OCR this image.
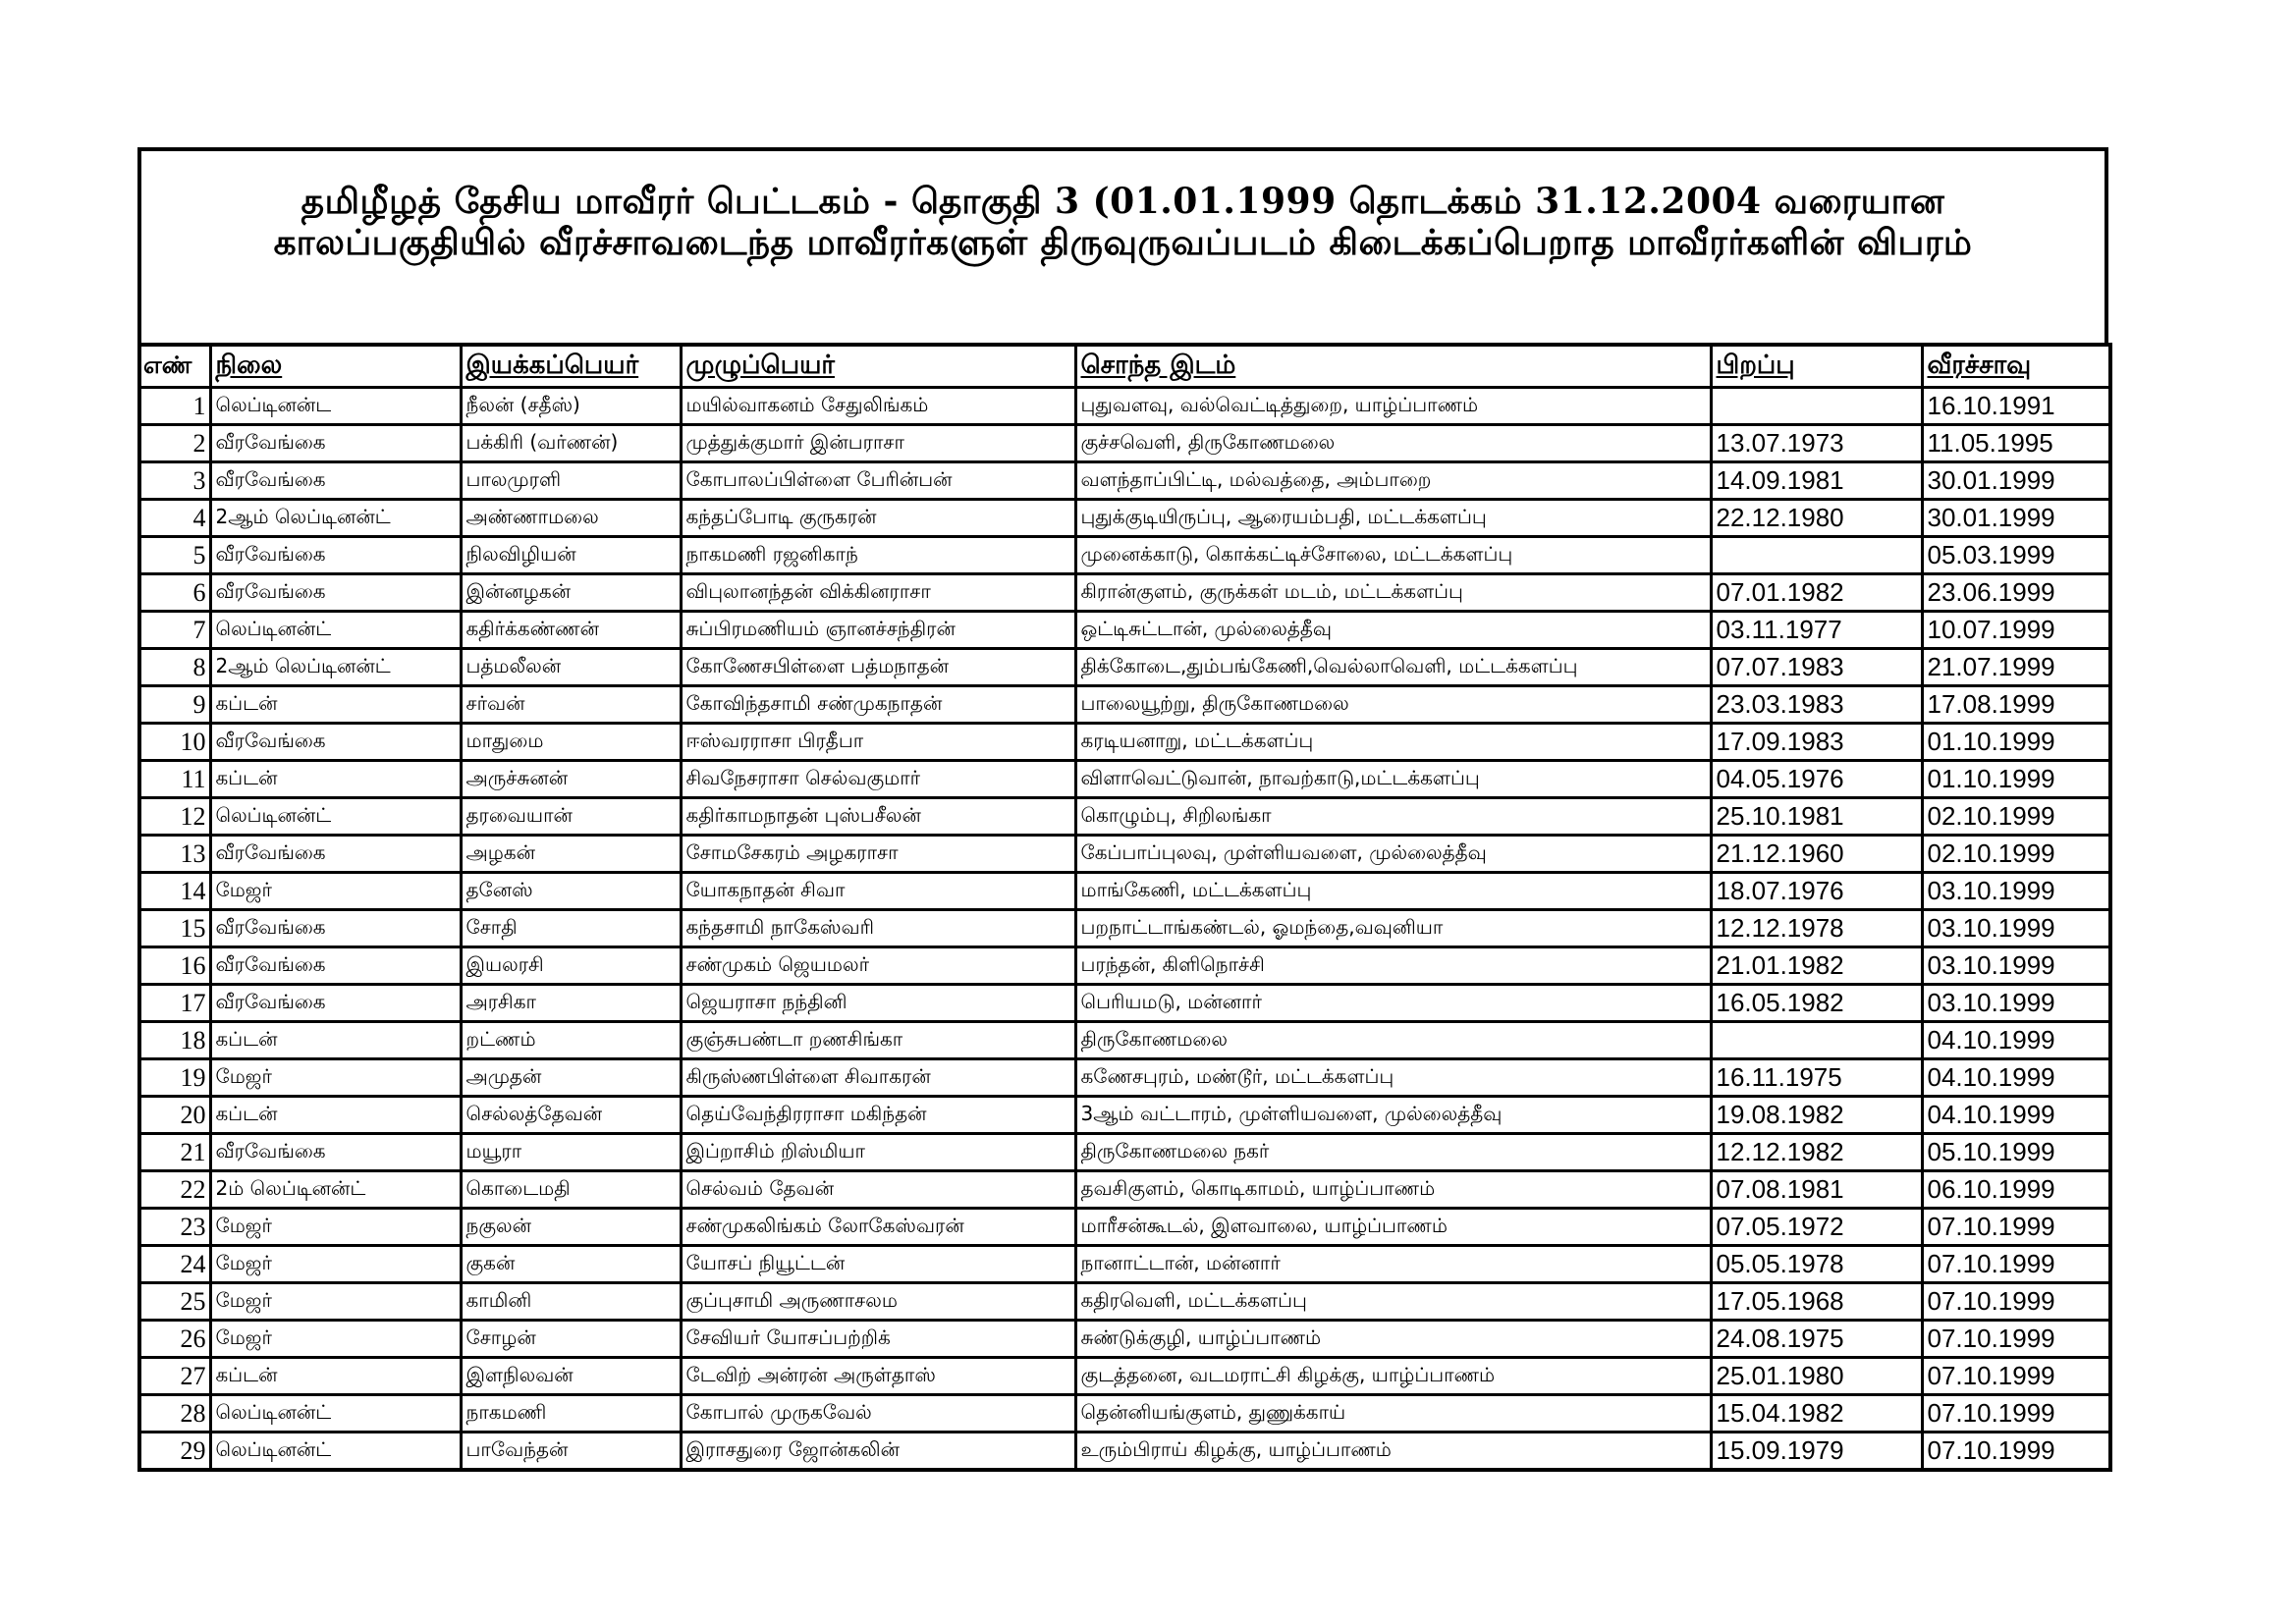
தமிழீழத் தேசிய மாவீரர் பெட்டகம் - தொகுதி 3 (01.01.1999 தொடக்கம் 31.12.2004 வரையான காலப்பகுதியில் வீரச்சாவடைந்த மாவீரர்களுள் திருவுருவப்படம் கிடைக்கப்பெறாத மாவீரர்களின் விபரம்
எண்	நிலை	இயக்கப்பெயர்	முழுப்பெயர்	சொந்த இடம்	பிறப்பு	வீரச்சாவு
1	லெப்டினன்ட	நீலன் (சதீஸ்)	மயில்வாகனம் சேதுலிங்கம்	புதுவளவு, வல்வெட்டித்துறை, யாழ்ப்பாணம்		16.10.1991
2	வீரவேங்கை	பக்கிரி (வர்ணன்)	முத்துக்குமார் இன்பராசா	குச்சவெளி, திருகோணமலை	13.07.1973	11.05.1995
3	வீரவேங்கை	பாலமுரளி	கோபாலப்பிள்ளை பேரின்பன்	வளந்தாப்பிட்டி, மல்வத்தை, அம்பாறை	14.09.1981	30.01.1999
4	2ஆம் லெப்டினன்ட்	அண்ணாமலை	கந்தப்போடி குருகரன்	புதுக்குடியிருப்பு, ஆரையம்பதி, மட்டக்களப்பு	22.12.1980	30.01.1999
5	வீரவேங்கை	நிலவிழியன்	நாகமணி ரஜனிகாந்	முனைக்காடு, கொக்கட்டிச்சோலை, மட்டக்களப்பு		05.03.1999
6	வீரவேங்கை	இன்னழகன்	விபுலானந்தன் விக்கினராசா	கிரான்குளம், குருக்கள் மடம், மட்டக்களப்பு	07.01.1982	23.06.1999
7	லெப்டினன்ட்	கதிர்க்கண்ணன்	சுப்பிரமணியம் ஞானச்சந்திரன்	ஒட்டிசுட்டான், முல்லைத்தீவு	03.11.1977	10.07.1999
8	2ஆம் லெப்டினன்ட்	பத்மலீலன்	கோணேசபிள்ளை பத்மநாதன்	திக்கோடை,தும்பங்கேணி,வெல்லாவெளி, மட்டக்களப்பு	07.07.1983	21.07.1999
9	கப்டன்	சர்வன்	கோவிந்தசாமி சண்முகநாதன்	பாலையூற்று, திருகோணமலை	23.03.1983	17.08.1999
10	வீரவேங்கை	மாதுமை	ஈஸ்வரராசா பிரதீபா	கரடியனாறு, மட்டக்களப்பு	17.09.1983	01.10.1999
11	கப்டன்	அருச்சுனன்	சிவநேசராசா செல்வகுமார்	விளாவெட்டுவான், நாவற்காடு,மட்டக்களப்பு	04.05.1976	01.10.1999
12	லெப்டினன்ட்	தரவையான்	கதிர்காமநாதன் புஸ்பசீலன்	கொழும்பு, சிறிலங்கா	25.10.1981	02.10.1999
13	வீரவேங்கை	அழகன்	சோமசேகரம் அழகராசா	கேப்பாப்புலவு, முள்ளியவளை, முல்லைத்தீவு	21.12.1960	02.10.1999
14	மேஜர்	தனேஸ்	யோகநாதன் சிவா	மாங்கேணி, மட்டக்களப்பு	18.07.1976	03.10.1999
15	வீரவேங்கை	சோதி	கந்தசாமி நாகேஸ்வரி	பறநாட்டாங்கண்டல், ஓமந்தை,வவுனியா	12.12.1978	03.10.1999
16	வீரவேங்கை	இயலரசி	சண்முகம் ஜெயமலர்	பரந்தன், கிளிநொச்சி	21.01.1982	03.10.1999
17	வீரவேங்கை	அரசிகா	ஜெயராசா நந்தினி	பெரியமடு, மன்னார்	16.05.1982	03.10.1999
18	கப்டன்	றட்ணம்	குஞ்சுபண்டா றணசிங்கா	திருகோணமலை		04.10.1999
19	மேஜர்	அமுதன்	கிருஸ்ணபிள்ளை சிவாகரன்	கணேசபுரம், மண்டூர், மட்டக்களப்பு	16.11.1975	04.10.1999
20	கப்டன்	செல்லத்தேவன்	தெய்வேந்திரராசா மகிந்தன்	3ஆம் வட்டாரம், முள்ளியவளை, முல்லைத்தீவு	19.08.1982	04.10.1999
21	வீரவேங்கை	மயூரா	இப்றாசிம் றிஸ்மியா	திருகோணமலை நகர்	12.12.1982	05.10.1999
22	2ம் லெப்டினன்ட்	கொடைமதி	செல்வம் தேவன்	தவசிகுளம், கொடிகாமம், யாழ்ப்பாணம்	07.08.1981	06.10.1999
23	மேஜர்	நகுலன்	சண்முகலிங்கம் லோகேஸ்வரன்	மாரீசன்கூடல், இளவாலை, யாழ்ப்பாணம்	07.05.1972	07.10.1999
24	மேஜர்	குகன்	யோசப் நியூட்டன்	நானாட்டான், மன்னார்	05.05.1978	07.10.1999
25	மேஜர்	காமினி	குப்புசாமி அருணாசலம	கதிரவெளி, மட்டக்களப்பு	17.05.1968	07.10.1999
26	மேஜர்	சோழன்	சேவியர் யோசப்பற்றிக்	சுண்டுக்குழி, யாழ்ப்பாணம்	24.08.1975	07.10.1999
27	கப்டன்	இளநிலவன்	டேவிற் அன்ரன் அருள்தாஸ்	குடத்தனை, வடமராட்சி கிழக்கு, யாழ்ப்பாணம்	25.01.1980	07.10.1999
28	லெப்டினன்ட்	நாகமணி	கோபால் முருகவேல்	தென்னியங்குளம், துணுக்காய்	15.04.1982	07.10.1999
29	லெப்டினன்ட்	பாவேந்தன்	இராசதுரை ஜோன்கலின்	உரும்பிராய் கிழக்கு, யாழ்ப்பாணம்	15.09.1979	07.10.1999
